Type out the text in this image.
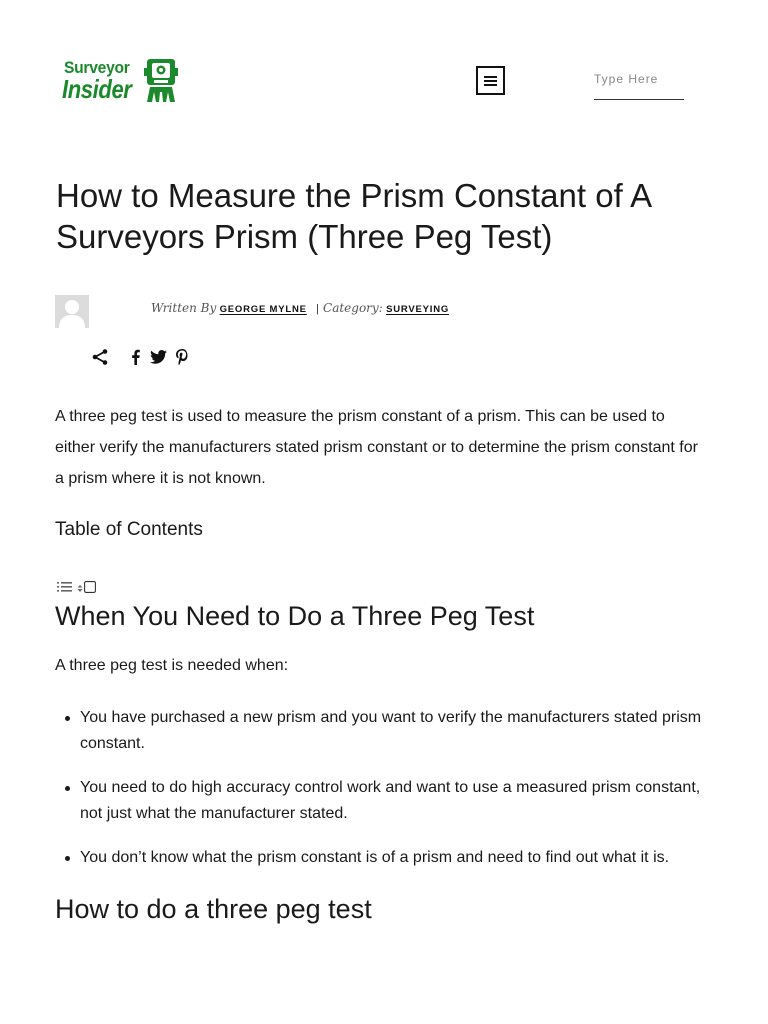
Surveyor
Insider
Type Here
How to Measure the Prism Constant of A Surveyors Prism (Three Peg Test)
Written By GEORGE MYLNE | Category: SURVEYING

A three peg test is used to measure the prism constant of a prism. This can be used to either verify the manufacturers stated prism constant or to determine the prism constant for a prism where it is not known.

Table of Contents
When You Need to Do a Three Peg Test

A three peg test is needed when:

You have purchased a new prism and you want to verify the manufacturers stated prism constant.
You need to do high accuracy control work and want to use a measured prism constant, not just what the manufacturer stated.
You don’t know what the prism constant is of a prism and need to find out what it is.
How to do a three peg test
